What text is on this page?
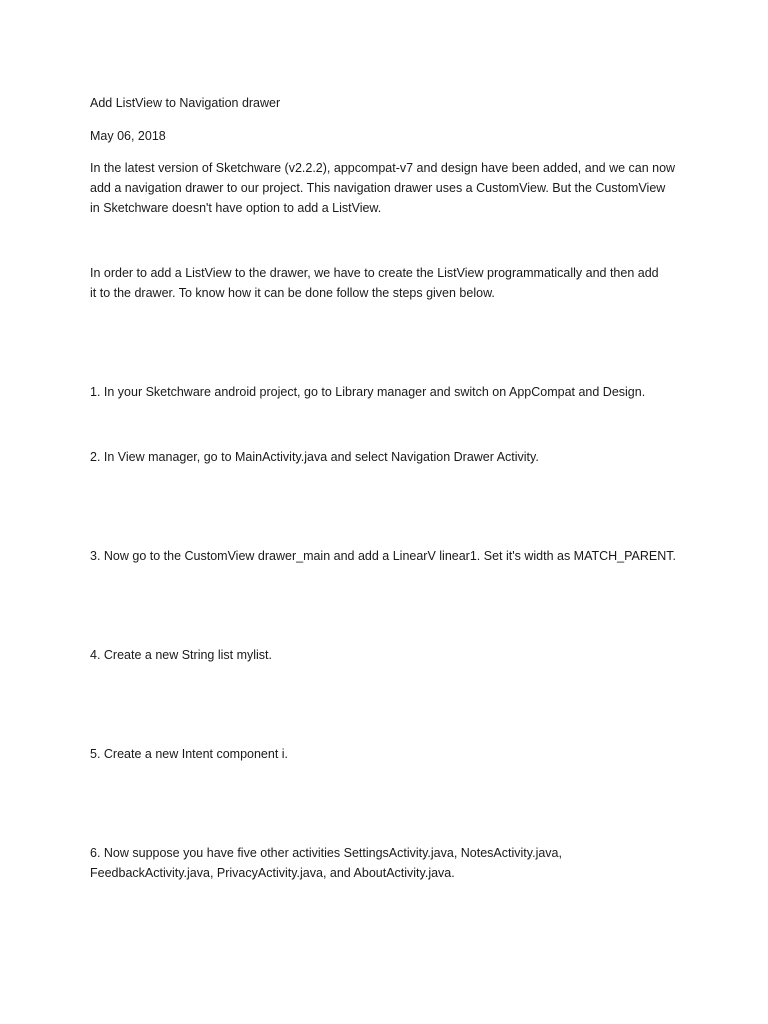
Add ListView to Navigation drawer

May 06, 2018

In the latest version of Sketchware (v2.2.2), appcompat-v7 and design have been added, and we can now
add a navigation drawer to our project. This navigation drawer uses a CustomView. But the CustomView
in Sketchware doesn't have option to add a ListView.
In order to add a ListView to the drawer, we have to create the ListView programmatically and then add
it to the drawer. To know how it can be done follow the steps given below.

1. In your Sketchware android project, go to Library manager and switch on AppCompat and Design.

2. In View manager, go to MainActivity.java and select Navigation Drawer Activity.

3. Now go to the CustomView drawer_main and add a LinearV linear1. Set it's width as MATCH_PARENT.

4. Create a new String list mylist.

5. Create a new Intent component i.

6. Now suppose you have five other activities SettingsActivity.java, NotesActivity.java,
FeedbackActivity.java, PrivacyActivity.java, and AboutActivity.java.
